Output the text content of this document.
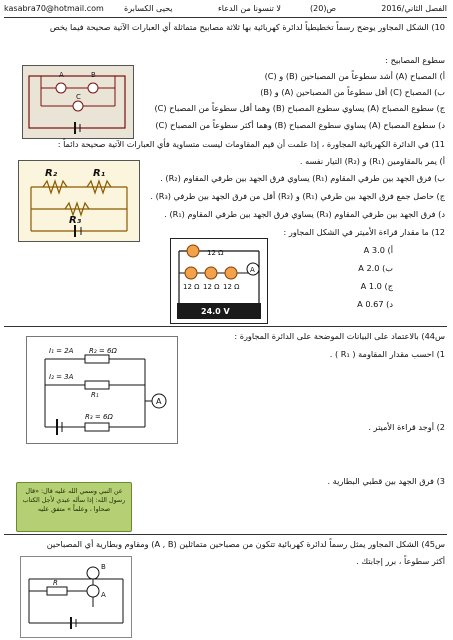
kasabra70@hotmail.com	يحيى الكسابرة	لا تنسونا من الدعاء	ص(20)	الفصل الثاني/2016
10) الشكل المجاور يوضح رسماً تخطيطياً لدائرة كهربائية بها ثلاثة مصابيح متماثلة أي العبارات الآتية صحيحة فيما يخص
سطوع المصابيح :
أ) المصباح (A) أشد سطوعاً من المصباحين (B) و (C)
ب) المصباح (C) أقل سطوعاً من المصباحين (A) و (B)
ج) سطوع المصباح (A) يساوي سطوع المصباح (B) وهما أقل سطوعاً من المصباح (C)
د) سطوع المصباح (A) يساوي سطوع المصباح (B) وهما أكثر سطوعاً من المصباح (C)
A	B
C
11) في الدائرة الكهربائية المجاورة ، إذا علمت أن قيم المقاومات ليست متساوية فأي العبارات الآتية صحيحة دائماً :
أ) يمر بالمقاومين (R₁) و (R₂) التيار نفسه .
ب) فرق الجهد بين طرفي المقاوم (R₁) يساوي فرق الجهد بين طرفي المقاوم (R₂) .
ج) حاصل جمع فرق الجهد بين طرفي (R₁) و (R₂) أقل من فرق الجهد بين طرفي (R₃) .
د) فرق الجهد بين طرفي المقاوم (R₃) يساوي فرق الجهد بين طرفي المقاوم (R₁) .
R₂	R₁
R₃
12) ما مقدار قراءة الأميتر في الشكل المجاور :
أ) 3.0 A
ب) 2.0 A
ج) 1.0 A
د) 0.67 A
12 Ω
12 Ω 12 Ω 12 Ω
A
24.0 V
س44) بالاعتماد على البيانات الموضحة على الدائرة المجاورة :
1) احسب مقدار المقاومة ( R₁ ) .
2) أوجد قراءة الأميتر .
3) فرق الجهد بين قطبي البطارية .
I₁ = 2A R₂ = 6Ω
I₂ = 3A
R₁
A
R₃ = 6Ω
عن النبي وسمي الله عليه قال: «قال رسول الله: إذا سأله عبدي لأجل الكتاب صحاوا ، وعلماً » متفق عليه
س45) الشكل المجاور يمثل رسماً لدائرة كهربائية تتكون من مصباحين متماثلين (A , B) ومقاوم وبطارية أي المصباحين
أكثر سطوعاً ، برر إجابتك .
B
A
R
